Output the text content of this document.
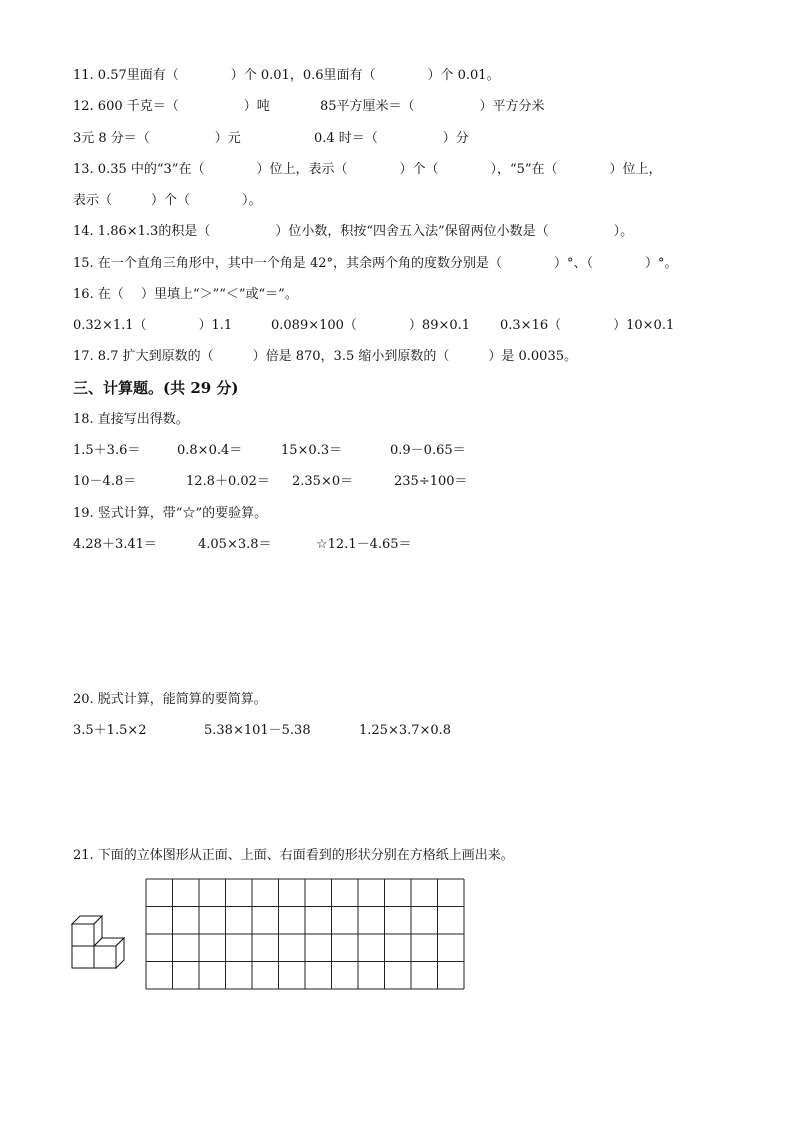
11. 0.57里面有（　　　　）个 0.01，0.6里面有（　　　　）个 0.01。
12. 600 千克＝（　　　　　）吨	85平方厘米＝（　　　　　）平方分米
3元 8 分＝（　　　　　）元	0.4 时＝（　　　　　）分
13. 0.35 中的“3”在（　　　　）位上，表示（　　　　）个（　　　　），“5”在（　　　　）位上，
表示（　　　）个（　　　　）。
14. 1.86×1.3的积是（　　　　　）位小数，积按“四舍五入法”保留两位小数是（　　　　　）。
15. 在一个直角三角形中，其中一个角是 42°，其余两个角的度数分别是（　　　　）°、（　　　　）°。
16. 在（　 ）里填上“＞”“＜”或“＝”。
0.32×1.1（　　　　）1.1	0.089×100（　　　　）89×0.1 0.3×16（　　　　）10×0.1
17. 8.7 扩大到原数的（　　　）倍是 870，3.5 缩小到原数的（　　　）是 0.0035。
三、计算题。(共 29 分)
18. 直接写出得数。
1.5＋3.6＝	0.8×0.4＝	15×0.3＝	0.9－0.65＝
10－4.8＝	12.8＋0.02＝ 2.35×0＝	235÷100＝
19. 竖式计算，带“☆”的要验算。
4.28＋3.41＝	4.05×3.8＝	☆12.1－4.65＝
20. 脱式计算，能简算的要简算。
3.5＋1.5×2	5.38×101－5.38	1.25×3.7×0.8
21. 下面的立体图形从正面、上面、右面看到的形状分别在方格纸上画出来。
